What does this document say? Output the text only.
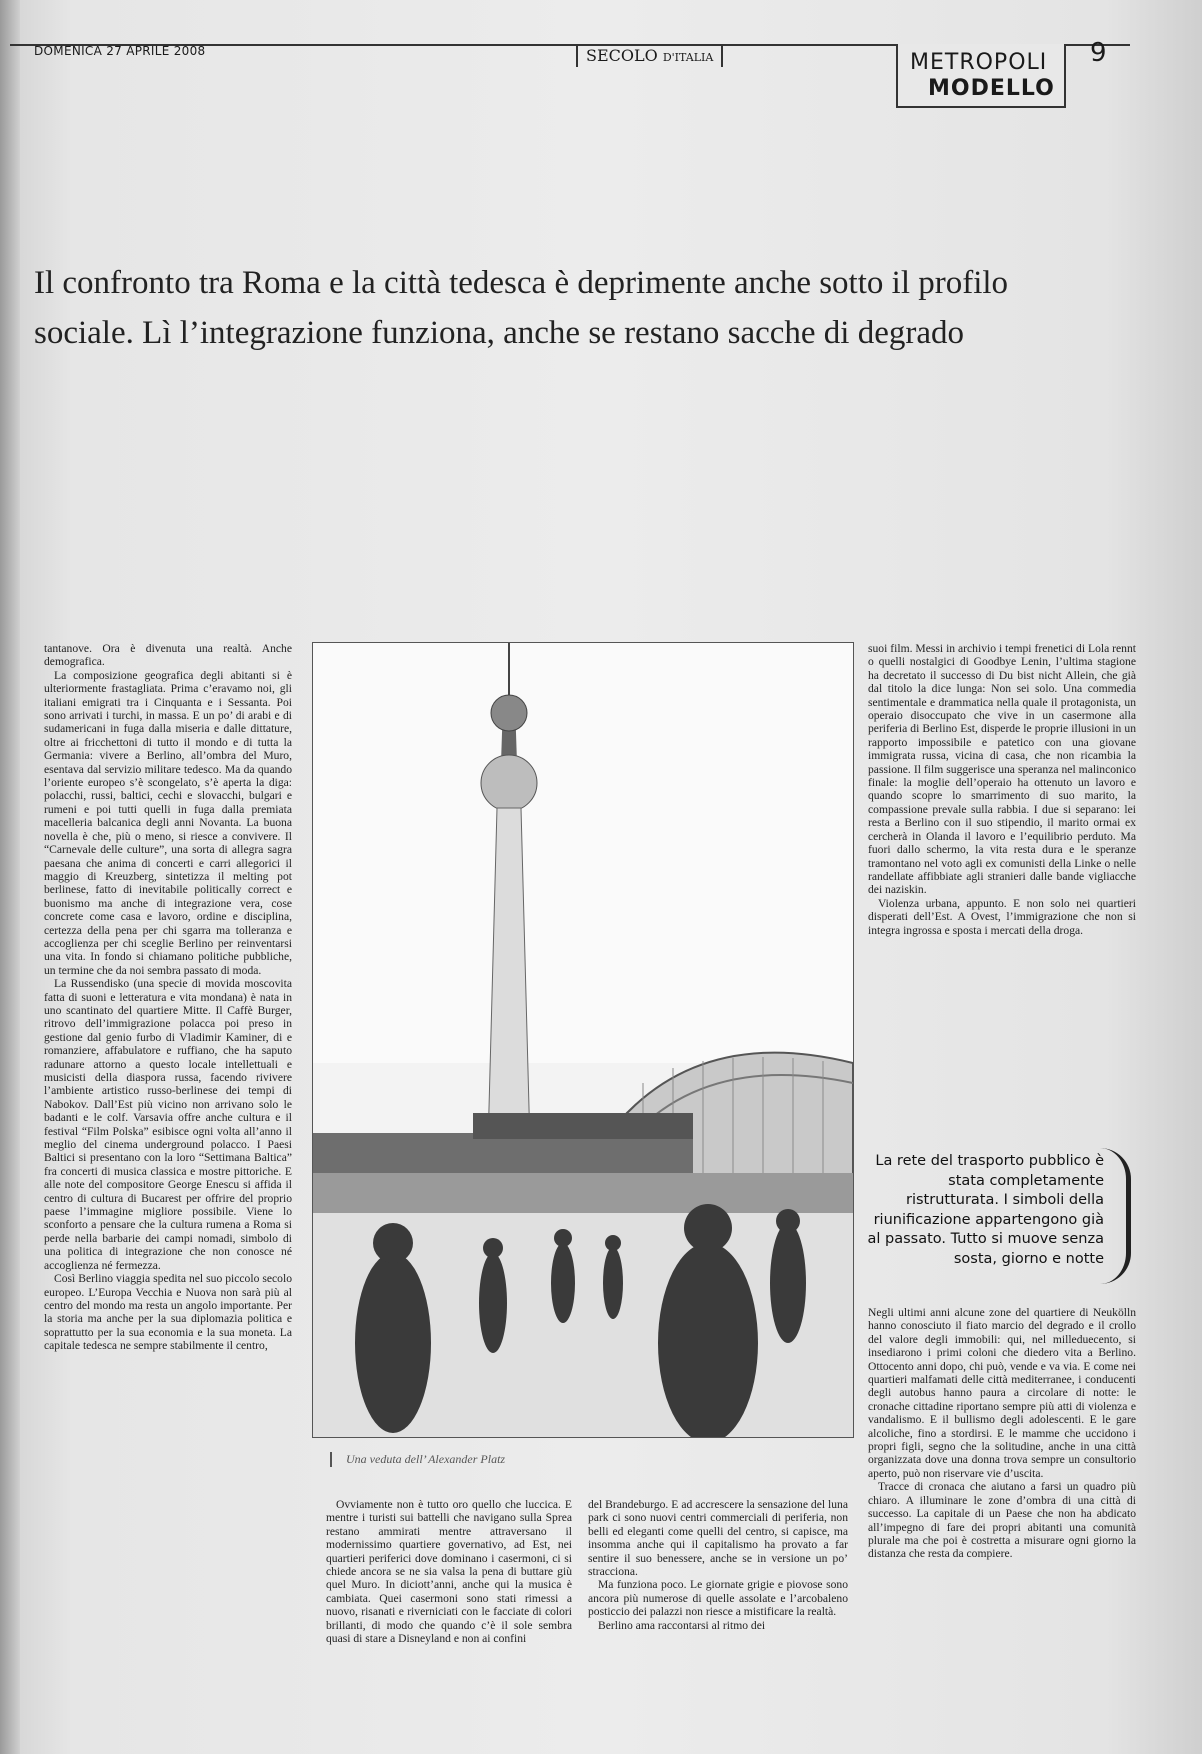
DOMENICA 27 APRILE 2008	SECOLO D'ITALIA	METROPOLI
MODELLO
9
Il confronto tra Roma e la città tedesca è deprimente anche sotto il profilo
sociale. Lì l’integrazione funziona, anche se restano sacche di degrado

tantanove. Ora è divenuta una realtà. Anche demografica.

La composizione geografica degli abitanti si è ulteriormente frastagliata. Prima c’eravamo noi, gli italiani emigrati tra i Cinquanta e i Sessanta. Poi sono arrivati i turchi, in massa. E un po’ di arabi e di sudamericani in fuga dalla miseria e dalle dittature, oltre ai fricchettoni di tutto il mondo e di tutta la Germania: vivere a Berlino, all’ombra del Muro, esentava dal servizio militare tedesco. Ma da quando l’oriente europeo s’è scongelato, s’è aperta la diga: polacchi, russi, baltici, cechi e slovacchi, bulgari e rumeni e poi tutti quelli in fuga dalla premiata macelleria balcanica degli anni Novanta. La buona novella è che, più o meno, si riesce a convivere. Il “Carnevale delle culture”, una sorta di allegra sagra paesana che anima di concerti e carri allegorici il maggio di Kreuzberg, sintetizza il melting pot berlinese, fatto di inevitabile politically correct e buonismo ma anche di integrazione vera, cose concrete come casa e lavoro, ordine e disciplina, certezza della pena per chi sgarra ma tolleranza e accoglienza per chi sceglie Berlino per reinventarsi una vita. In fondo si chiamano politiche pubbliche, un termine che da noi sembra passato di moda.

La Russendisko (una specie di movida moscovita fatta di suoni e letteratura e vita mondana) è nata in uno scantinato del quartiere Mitte. Il Caffè Burger, ritrovo dell’immigrazione polacca poi preso in gestione dal genio furbo di Vladimir Kaminer, di e romanziere, affabulatore e ruffiano, che ha saputo radunare attorno a questo locale intellettuali e musicisti della diaspora russa, facendo rivivere l’ambiente artistico russo-berlinese dei tempi di Nabokov. Dall’Est più vicino non arrivano solo le badanti e le colf. Varsavia offre anche cultura e il festival “Film Polska” esibisce ogni volta all’anno il meglio del cinema underground polacco. I Paesi Baltici si presentano con la loro “Settimana Baltica” fra concerti di musica classica e mostre pittoriche. E alle note del compositore George Enescu si affida il centro di cultura di Bucarest per offrire del proprio paese l’immagine migliore possibile. Viene lo sconforto a pensare che la cultura rumena a Roma si perde nella barbarie dei campi nomadi, simbolo di una politica di integrazione che non conosce né accoglienza né fermezza.

Così Berlino viaggia spedita nel suo piccolo secolo europeo. L’Europa Vecchia e Nuova non sarà più al centro del mondo ma resta un angolo importante. Per la storia ma anche per la sua diplomazia politica e soprattutto per la sua economia e la sua moneta. La capitale tedesca ne sempre stabilmente il centro,

Una veduta dell’ Alexander Platz

Ovviamente non è tutto oro quello che luccica. E mentre i turisti sui battelli che navigano sulla Sprea restano ammirati mentre attraversano il modernissimo quartiere governativo, ad Est, nei quartieri periferici dove dominano i casermoni, ci si chiede ancora se ne sia valsa la pena di buttare giù quel Muro. In diciott’anni, anche qui la musica è cambiata. Quei casermoni sono stati rimessi a nuovo, risanati e riverniciati con le facciate di colori brillanti, di modo che quando c’è il sole sembra quasi di stare a Disneyland e non ai confini

del Brandeburgo. E ad accrescere la sensazione del luna park ci sono nuovi centri commerciali di periferia, non belli ed eleganti come quelli del centro, si capisce, ma insomma anche qui il capitalismo ha provato a far sentire il suo benessere, anche se in versione un po’ stracciona.

Ma funziona poco. Le giornate grigie e piovose sono ancora più numerose di quelle assolate e l’arcobaleno posticcio dei palazzi non riesce a mistificare la realtà.

Berlino ama raccontarsi al ritmo dei

suoi film. Messi in archivio i tempi frenetici di Lola rennt o quelli nostalgici di Goodbye Lenin, l’ultima stagione ha decretato il successo di Du bist nicht Allein, che già dal titolo la dice lunga: Non sei solo. Una commedia sentimentale e drammatica nella quale il protagonista, un operaio disoccupato che vive in un casermone alla periferia di Berlino Est, disperde le proprie illusioni in un rapporto impossibile e patetico con una giovane immigrata russa, vicina di casa, che non ricambia la passione. Il film suggerisce una speranza nel malinconico finale: la moglie dell’operaio ha ottenuto un lavoro e quando scopre lo smarrimento di suo marito, la compassione prevale sulla rabbia. I due si separano: lei resta a Berlino con il suo stipendio, il marito ormai ex cercherà in Olanda il lavoro e l’equilibrio perduto. Ma fuori dallo schermo, la vita resta dura e le speranze tramontano nel voto agli ex comunisti della Linke o nelle randellate affibbiate agli stranieri dalle bande vigliacche dei naziskin.

Violenza urbana, appunto. E non solo nei quartieri disperati dell’Est. A Ovest, l’immigrazione che non si integra ingrossa e sposta i mercati della droga.

La rete del trasporto pubblico è stata completamente ristrutturata. I simboli della riunificazione appartengono già al passato. Tutto si muove senza sosta, giorno e notte

Negli ultimi anni alcune zone del quartiere di Neukölln hanno conosciuto il fiato marcio del degrado e il crollo del valore degli immobili: qui, nel milleduecento, si insediarono i primi coloni che diedero vita a Berlino. Ottocento anni dopo, chi può, vende e va via. E come nei quartieri malfamati delle città mediterranee, i conducenti degli autobus hanno paura a circolare di notte: le cronache cittadine riportano sempre più atti di violenza e vandalismo. E il bullismo degli adolescenti. E le gare alcoliche, fino a stordirsi. E le mamme che uccidono i propri figli, segno che la solitudine, anche in una città organizzata dove una donna trova sempre un consultorio aperto, può non riservare vie d’uscita.

Tracce di cronaca che aiutano a farsi un quadro più chiaro. A illuminare le zone d’ombra di una città di successo. La capitale di un Paese che non ha abdicato all’impegno di fare dei propri abitanti una comunità plurale ma che poi è costretta a misurare ogni giorno la distanza che resta da compiere.
